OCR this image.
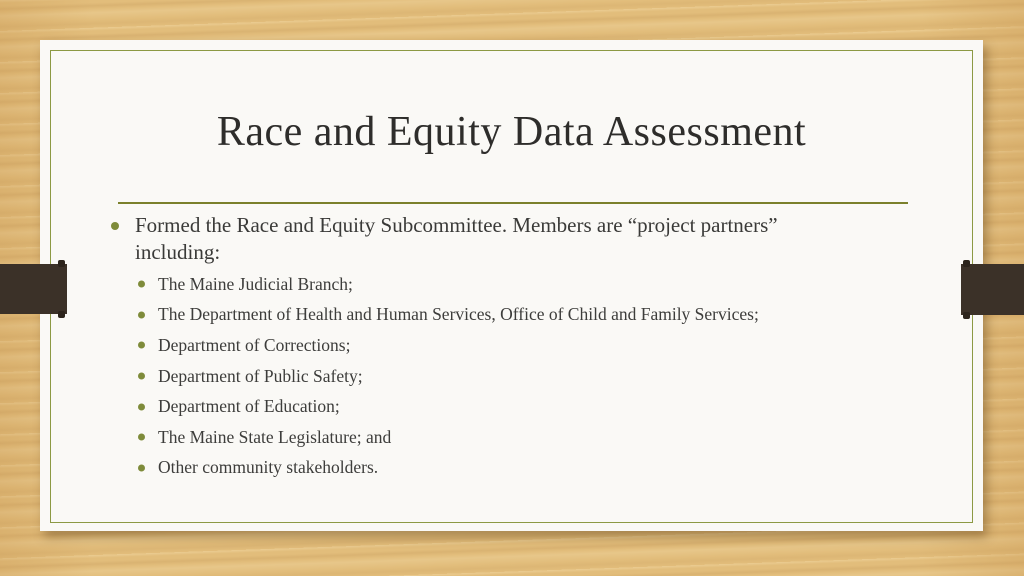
Race and Equity Data Assessment
Formed the Race and Equity Subcommittee. Members are “project partners”
including:
The Maine Judicial Branch;
The Department of Health and Human Services, Office of Child and Family Services;
Department of Corrections;
Department of Public Safety;
Department of Education;
The Maine State Legislature; and
Other community stakeholders.
